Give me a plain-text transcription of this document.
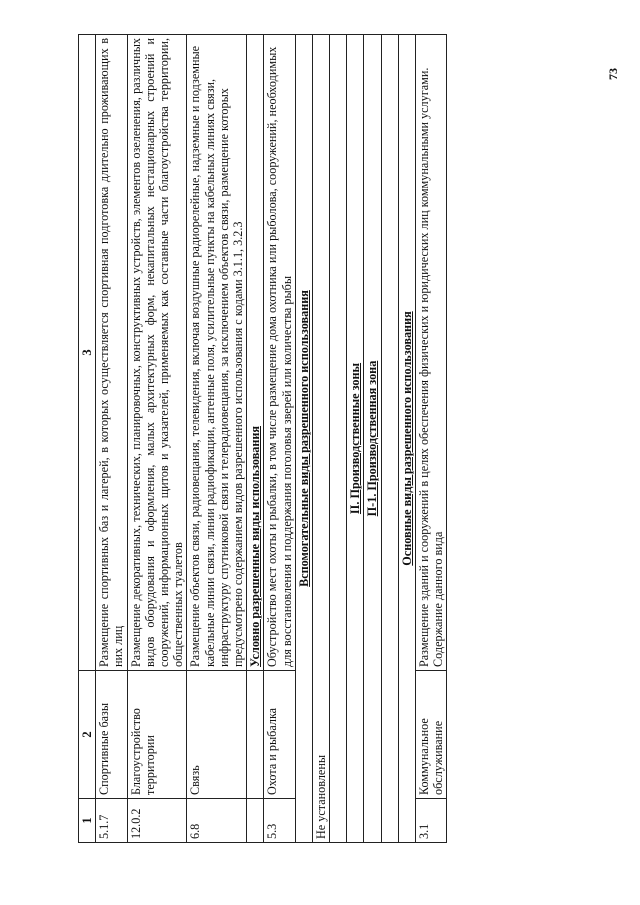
73
1	2	3
5.1.7	Спортивные базы	Размещение спортивных баз и лагерей, в которых осуществляется спортивная подготовка длительно проживающих в них лиц
12.0.2	Благоустройство территории	Размещение декоративных, технических, планировочных, конструктивных устройств, элементов озеленения, различных видов оборудования и оформления, малых архитектурных форм, некапитальных нестационарных строений и сооружений, информационных щитов и указателей, применяемых как составные части благоустройства территории, общественных туалетов
6.8	Связь	Размещение объектов связи, радиовещания, телевидения, включая воздушные радиорелейные, надземные и подземные кабельные линии связи, линии радиофикации, антенные поля, усилительные пункты на кабельных линиях связи, инфраструктуру спутниковой связи и телерадиовещания, за исключением объектов связи, размещение которых предусмотрено содержанием видов разрешенного использования с кодами 3.1.1, 3.2.3
		Условно разрешенные виды использования
5.3	Охота и рыбалка	Обустройство мест охоты и рыбалки, в том числе размещение дома охотника или рыболова, сооружений, необходимых для восстановления и поддержания поголовья зверей или количества рыбы
Вспомогательные виды разрешенного использования		
Не установлены		

II. Производственные зоны		
П-1. Производственная зона		

Основные виды разрешенного использования		
3.1	Коммунальное обслуживание	Размещение зданий и сооружений в целях обеспечения физических и юридических лиц коммунальными услугами. Содержание данного вида
